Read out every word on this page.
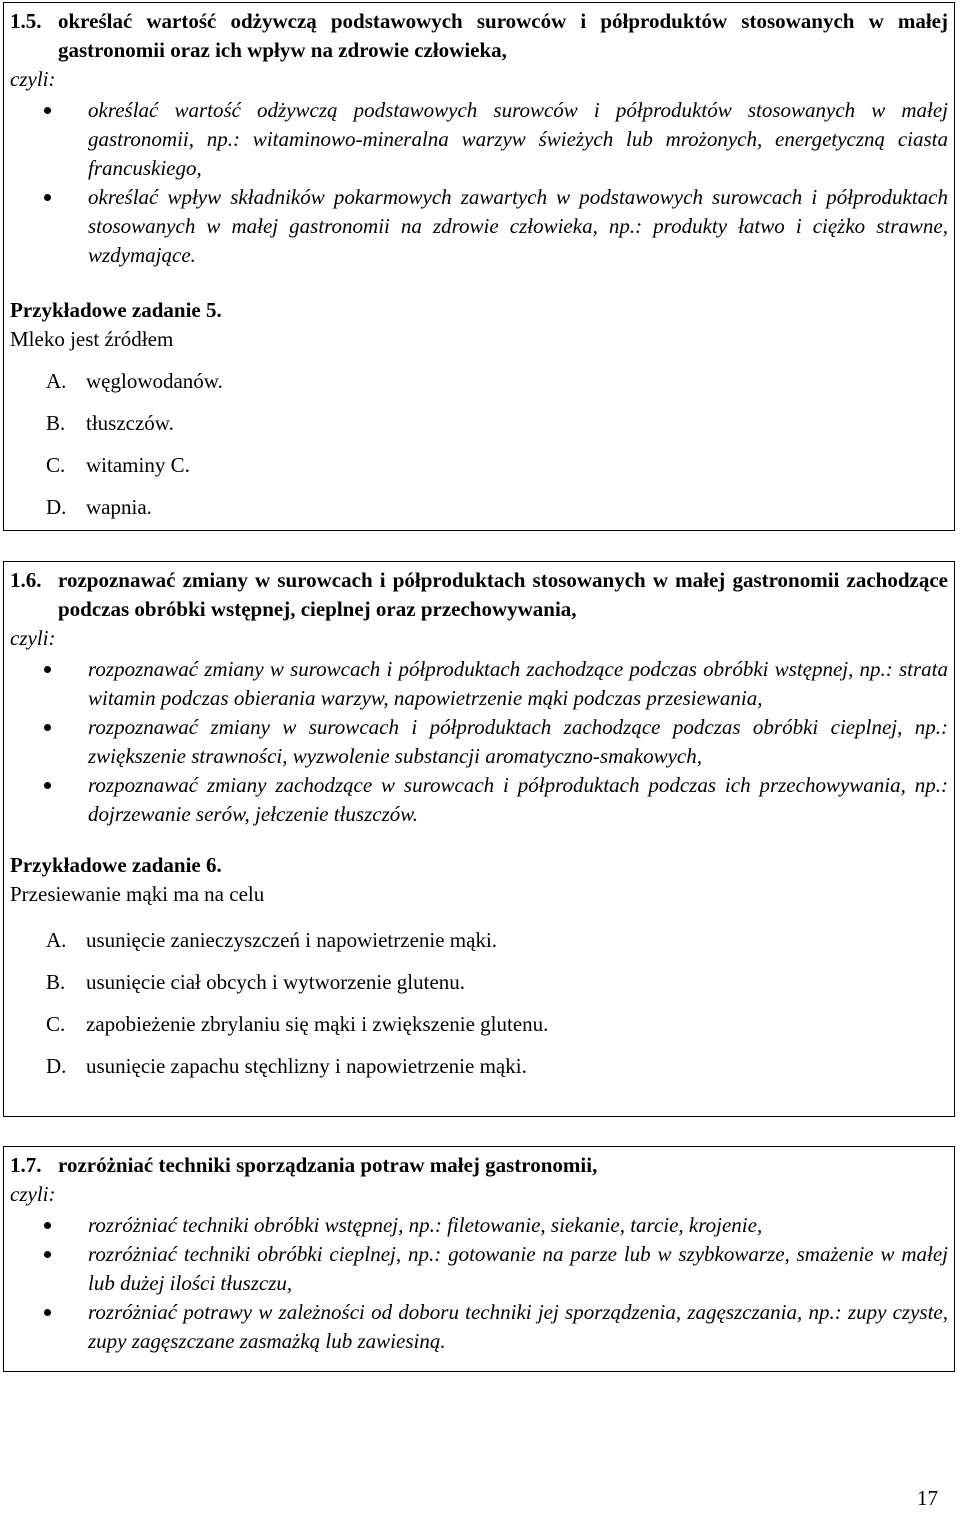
1.5. określać wartość odżywczą podstawowych surowców i półproduktów stosowanych w małej gastronomii oraz ich wpływ na zdrowie człowieka,
czyli:
określać wartość odżywczą podstawowych surowców i półproduktów stosowanych w małej gastronomii, np.: witaminowo-mineralna warzyw świeżych lub mrożonych, energetyczną ciasta francuskiego,
określać wpływ składników pokarmowych zawartych w podstawowych surowcach i półproduktach stosowanych w małej gastronomii na zdrowie człowieka, np.: produkty łatwo i ciężko strawne, wzdymające.
Przykładowe zadanie 5.
Mleko jest źródłem
A. węglowodanów.
B. tłuszczów.
C. witaminy C.
D. wapnia.
1.6. rozpoznawać zmiany w surowcach i półproduktach stosowanych w małej gastronomii zachodzące podczas obróbki wstępnej, cieplnej oraz przechowywania,
czyli:
rozpoznawać zmiany w surowcach i półproduktach zachodzące podczas obróbki wstępnej, np.: strata witamin podczas obierania warzyw, napowietrzenie mąki podczas przesiewania,
rozpoznawać zmiany w surowcach i półproduktach zachodzące podczas obróbki cieplnej, np.: zwiększenie strawności, wyzwolenie substancji aromatyczno-smakowych,
rozpoznawać zmiany zachodzące w surowcach i półproduktach podczas ich przechowywania, np.: dojrzewanie serów, jełczenie tłuszczów.
Przykładowe zadanie 6.
Przesiewanie mąki ma na celu
A. usunięcie zanieczyszczeń i napowietrzenie mąki.
B. usunięcie ciał obcych i wytworzenie glutenu.
C. zapobieżenie zbrylaniu się mąki i zwiększenie glutenu.
D. usunięcie zapachu stęchlizny i napowietrzenie mąki.
1.7. rozróżniać techniki sporządzania potraw małej gastronomii,
czyli:
rozróżniać techniki obróbki wstępnej, np.: filetowanie, siekanie, tarcie, krojenie,
rozróżniać techniki obróbki cieplnej, np.: gotowanie na parze lub w szybkowarze, smażenie w małej lub dużej ilości tłuszczu,
rozróżniać potrawy w zależności od doboru techniki jej sporządzenia, zagęszczania, np.: zupy czyste, zupy zagęszczane zasmażką lub zawiesiną.
17
